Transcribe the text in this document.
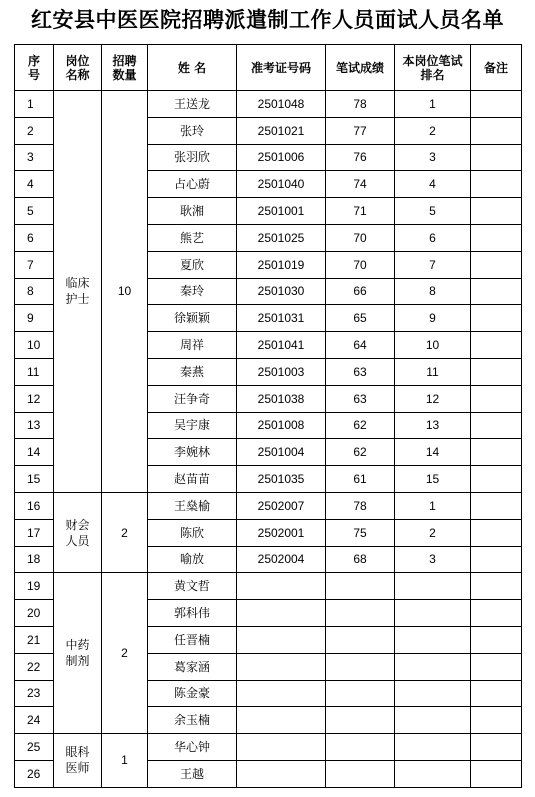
红安县中医医院招聘派遣制工作人员面试人员名单
序号	岗位名称	招聘数量	姓 名	准考证号码	笔试成绩	本岗位笔试排名	备注
1	临床护士	10	王送龙	2501048	78	1	
2			张玲	2501021	77	2	
3			张羽欣	2501006	76	3	
4			占心蔚	2501040	74	4	
5			耿湘	2501001	71	5	
6			熊艺	2501025	70	6	
7			夏欣	2501019	70	7	
8			秦玲	2501030	66	8	
9			徐颖颖	2501031	65	9	
10			周祥	2501041	64	10	
11			秦燕	2501003	63	11	
12			汪争奇	2501038	63	12	
13			吴宇康	2501008	62	13	
14			李婉林	2501004	62	14	
15			赵苗苗	2501035	61	15	
16	财会人员	2	王燊榆	2502007	78	1	
17			陈欣	2502001	75	2	
18			喻放	2502004	68	3	
19	中药制剂	2	黄文哲				
20			郭科伟				
21			任晋楠				
22			葛家涵				
23			陈金豪				
24			余玉楠				
25	眼科医师	1	华心钟				
26			王越				
